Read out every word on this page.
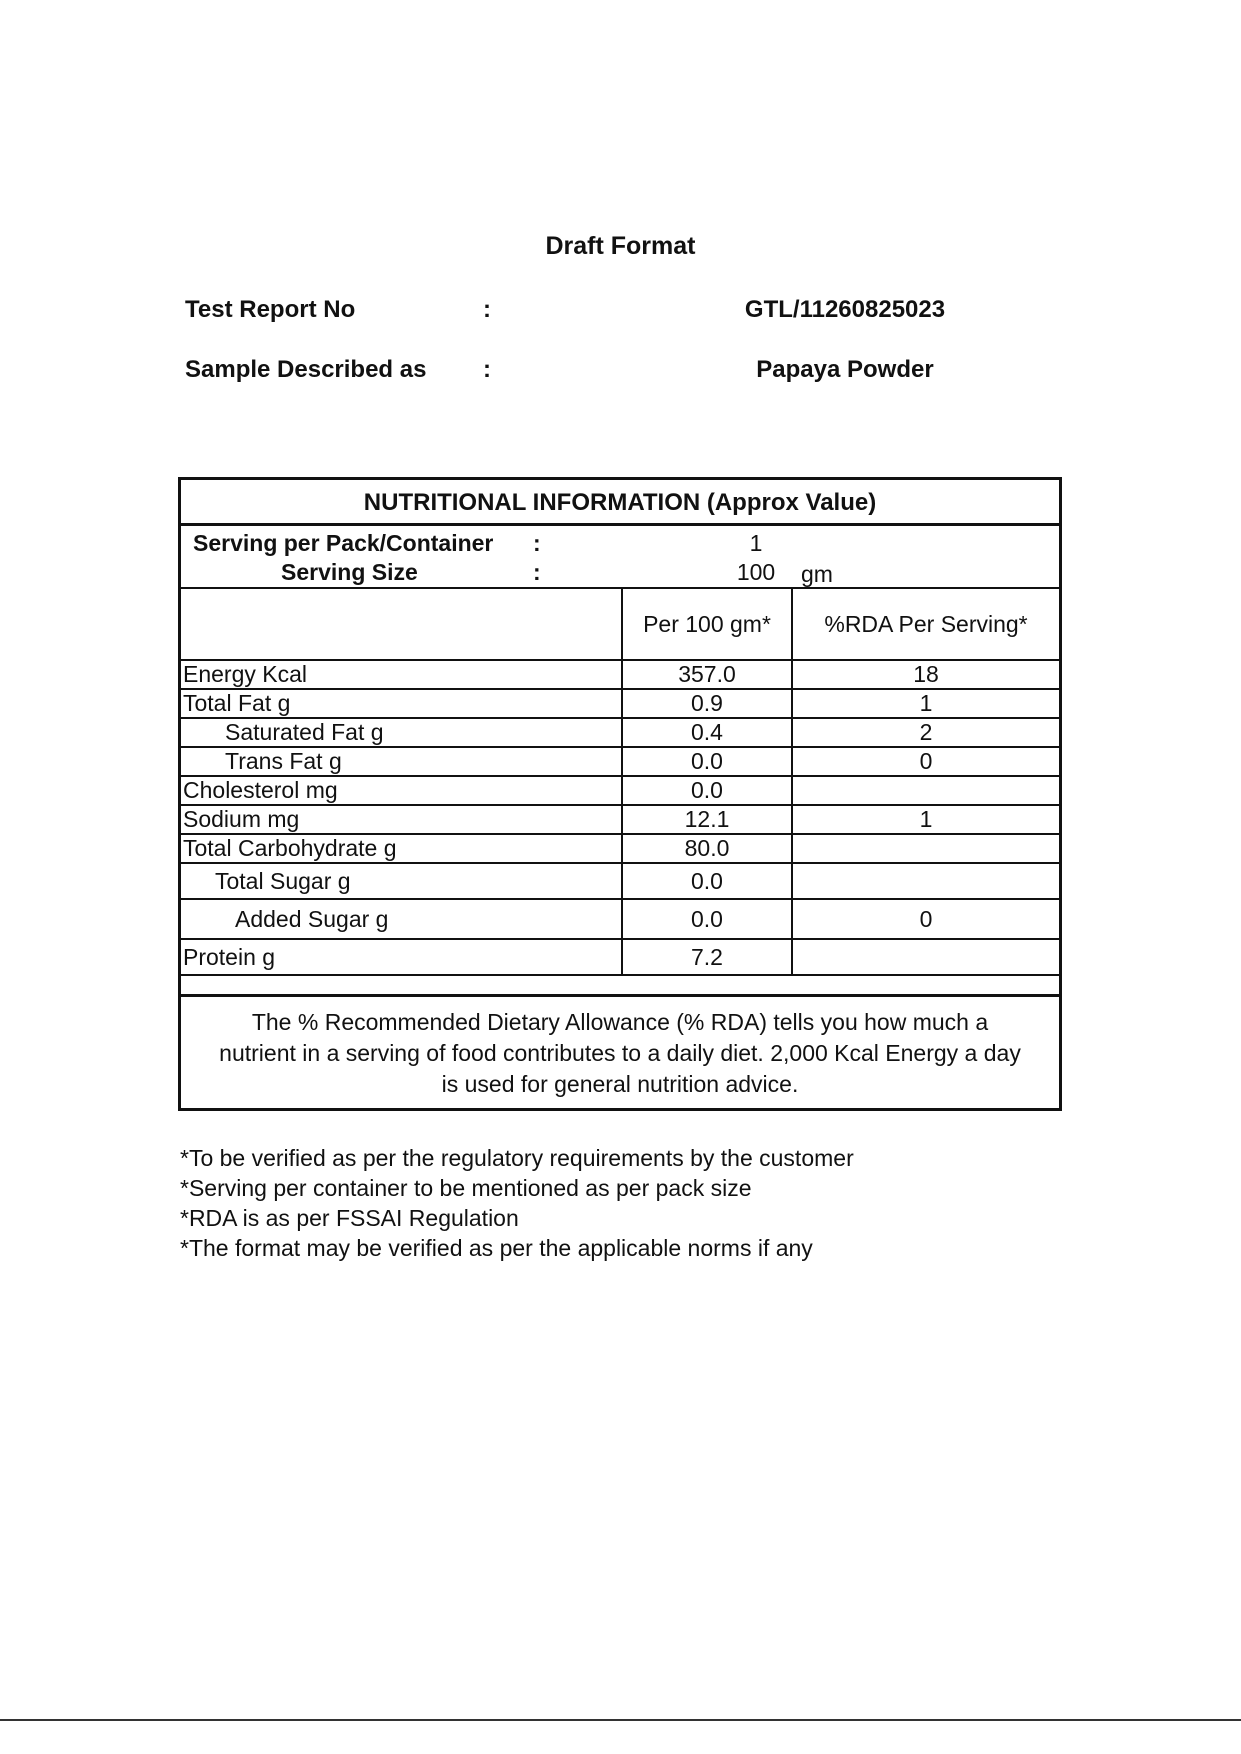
Draft Format
Test Report No	:	GTL/11260825023
Sample Described as :	Papaya Powder
NUTRITIONAL INFORMATION (Approx Value)
Serving per Pack/Container :	1
Serving Size	:	100	gm
	Per 100 gm*	%RDA Per Serving*
Energy Kcal	357.0	18
Total Fat g	0.9	1
Saturated Fat g	0.4	2
Trans Fat g	0.0	0
Cholesterol mg	0.0	
Sodium mg	12.1	1
Total Carbohydrate g	80.0	
Total Sugar g	0.0	
Added Sugar g	0.0	0
Protein g	7.2	
The % Recommended Dietary Allowance (% RDA) tells you how much a
nutrient in a serving of food contributes to a daily diet. 2,000 Kcal Energy a day
is used for general nutrition advice.
*To be verified as per the regulatory requirements by the customer
*Serving per container to be mentioned as per pack size
*RDA is as per FSSAI Regulation
*The format may be verified as per the applicable norms if any
